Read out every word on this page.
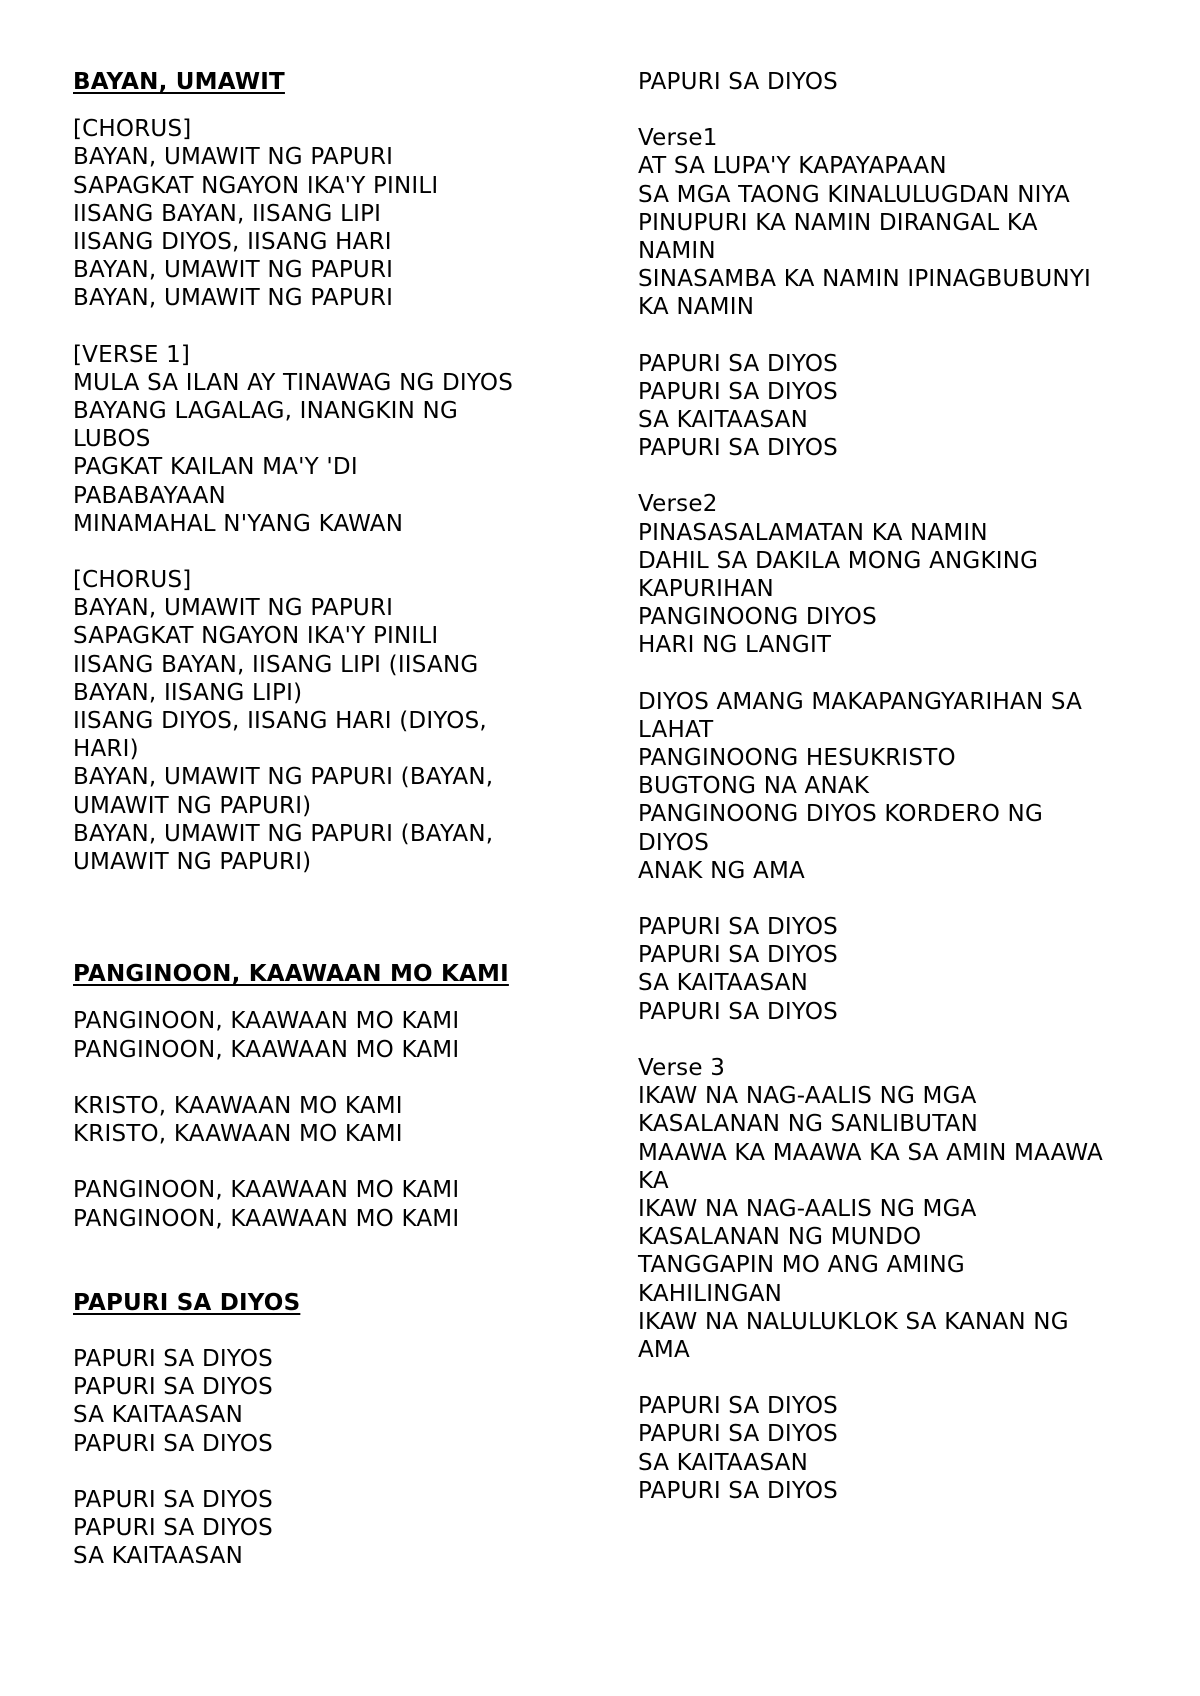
BAYAN, UMAWIT
[CHORUS]
BAYAN, UMAWIT NG PAPURI
SAPAGKAT NGAYON IKA'Y PINILI
IISANG BAYAN, IISANG LIPI
IISANG DIYOS, IISANG HARI
BAYAN, UMAWIT NG PAPURI
BAYAN, UMAWIT NG PAPURI
[VERSE 1]
MULA SA ILAN AY TINAWAG NG DIYOS
BAYANG LAGALAG, INANGKIN NG
LUBOS
PAGKAT KAILAN MA'Y 'DI
PABABAYAAN
MINAMAHAL N'YANG KAWAN
[CHORUS]
BAYAN, UMAWIT NG PAPURI
SAPAGKAT NGAYON IKA'Y PINILI
IISANG BAYAN, IISANG LIPI (IISANG
BAYAN, IISANG LIPI)
IISANG DIYOS, IISANG HARI (DIYOS,
HARI)
BAYAN, UMAWIT NG PAPURI (BAYAN,
UMAWIT NG PAPURI)
BAYAN, UMAWIT NG PAPURI (BAYAN,
UMAWIT NG PAPURI)
PANGINOON, KAAWAAN MO KAMI
PANGINOON, KAAWAAN MO KAMI
PANGINOON, KAAWAAN MO KAMI
KRISTO, KAAWAAN MO KAMI
KRISTO, KAAWAAN MO KAMI
PANGINOON, KAAWAAN MO KAMI
PANGINOON, KAAWAAN MO KAMI
PAPURI SA DIYOS
PAPURI SA DIYOS
PAPURI SA DIYOS
SA KAITAASAN
PAPURI SA DIYOS
PAPURI SA DIYOS
PAPURI SA DIYOS
SA KAITAASAN
PAPURI SA DIYOS
Verse1
AT SA LUPA'Y KAPAYAPAAN
SA MGA TAONG KINALULUGDAN NIYA
PINUPURI KA NAMIN DIRANGAL KA
NAMIN
SINASAMBA KA NAMIN IPINAGBUBUNYI
KA NAMIN
PAPURI SA DIYOS
PAPURI SA DIYOS
SA KAITAASAN
PAPURI SA DIYOS
Verse2
PINASASALAMATAN KA NAMIN
DAHIL SA DAKILA MONG ANGKING
KAPURIHAN
PANGINOONG DIYOS
HARI NG LANGIT
DIYOS AMANG MAKAPANGYARIHAN SA
LAHAT
PANGINOONG HESUKRISTO
BUGTONG NA ANAK
PANGINOONG DIYOS KORDERO NG
DIYOS
ANAK NG AMA
PAPURI SA DIYOS
PAPURI SA DIYOS
SA KAITAASAN
PAPURI SA DIYOS
Verse 3
IKAW NA NAG-AALIS NG MGA
KASALANAN NG SANLIBUTAN
MAAWA KA MAAWA KA SA AMIN MAAWA
KA
IKAW NA NAG-AALIS NG MGA
KASALANAN NG MUNDO
TANGGAPIN MO ANG AMING
KAHILINGAN
IKAW NA NALULUKLOK SA KANAN NG
AMA
PAPURI SA DIYOS
PAPURI SA DIYOS
SA KAITAASAN
PAPURI SA DIYOS
